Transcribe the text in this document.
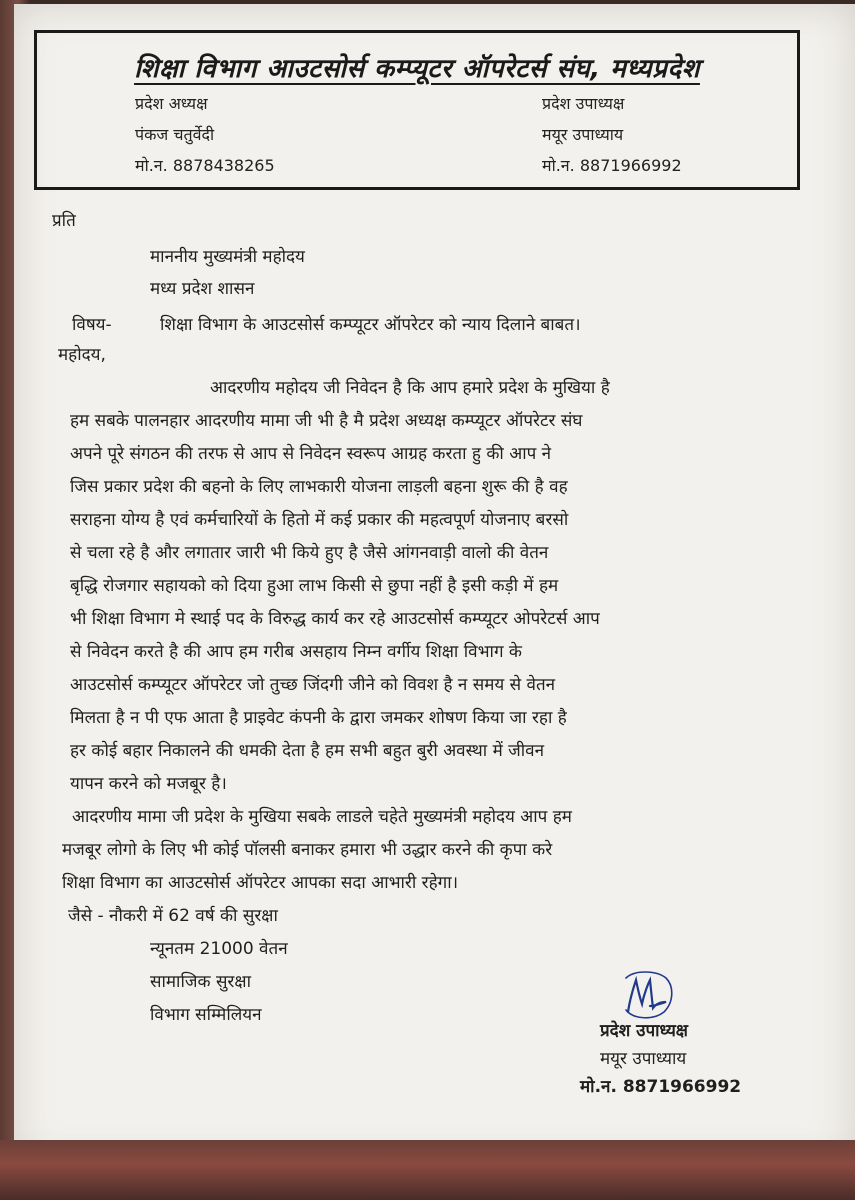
शिक्षा विभाग आउटसोर्स कम्प्यूटर ऑपरेटर्स संघ, मध्यप्रदेश
प्रदेश अध्यक्ष
पंकज चतुर्वेदी
मो.न. 8878438265
प्रदेश उपाध्यक्ष
मयूर उपाध्याय
मो.न. 8871966992
प्रति
माननीय मुख्यमंत्री महोदय
मध्य प्रदेश शासन
विषय-	शिक्षा विभाग के आउटसोर्स कम्प्यूटर ऑपरेटर को न्याय दिलाने बाबत।
महोदय,
आदरणीय महोदय जी निवेदन है कि आप हमारे प्रदेश के मुखिया है
हम सबके पालनहार आदरणीय मामा जी भी है मै प्रदेश अध्यक्ष कम्प्यूटर ऑपरेटर संघ
अपने पूरे संगठन की तरफ से आप से निवेदन स्वरूप आग्रह करता हु की आप ने
जिस प्रकार प्रदेश की बहनो के लिए लाभकारी योजना लाड़ली बहना शुरू की है वह
सराहना योग्य है एवं कर्मचारियों के हितो में कई प्रकार की महत्वपूर्ण योजनाए बरसो
से चला रहे है और लगातार जारी भी किये हुए है जैसे आंगनवाड़ी वालो की वेतन
बृद्धि रोजगार सहायको को दिया हुआ लाभ किसी से छुपा नहीं है इसी कड़ी में हम
भी शिक्षा विभाग मे स्थाई पद के विरुद्ध कार्य कर रहे आउटसोर्स कम्प्यूटर ओपरेटर्स आप
से निवेदन करते है की आप हम गरीब असहाय निम्न वर्गीय शिक्षा विभाग के
आउटसोर्स कम्प्यूटर ऑपरेटर जो तुच्छ जिंदगी जीने को विवश है न समय से वेतन
मिलता है न पी एफ आता है प्राइवेट कंपनी के द्वारा जमकर शोषण किया जा रहा है
हर कोई बहार निकालने की धमकी देता है हम सभी बहुत बुरी अवस्था में जीवन
यापन करने को मजबूर है।
आदरणीय मामा जी प्रदेश के मुखिया सबके लाडले चहेते मुख्यमंत्री महोदय आप हम
मजबूर लोगो के लिए भी कोई पॉलसी बनाकर हमारा भी उद्धार करने की कृपा करे
शिक्षा विभाग का आउटसोर्स ऑपरेटर आपका सदा आभारी रहेगा।
जैसे - नौकरी में 62 वर्ष की सुरक्षा
न्यूनतम 21000 वेतन
सामाजिक सुरक्षा
विभाग सम्मिलियन
प्रदेश उपाध्यक्ष
मयूर उपाध्याय
मो.न. 8871966992
